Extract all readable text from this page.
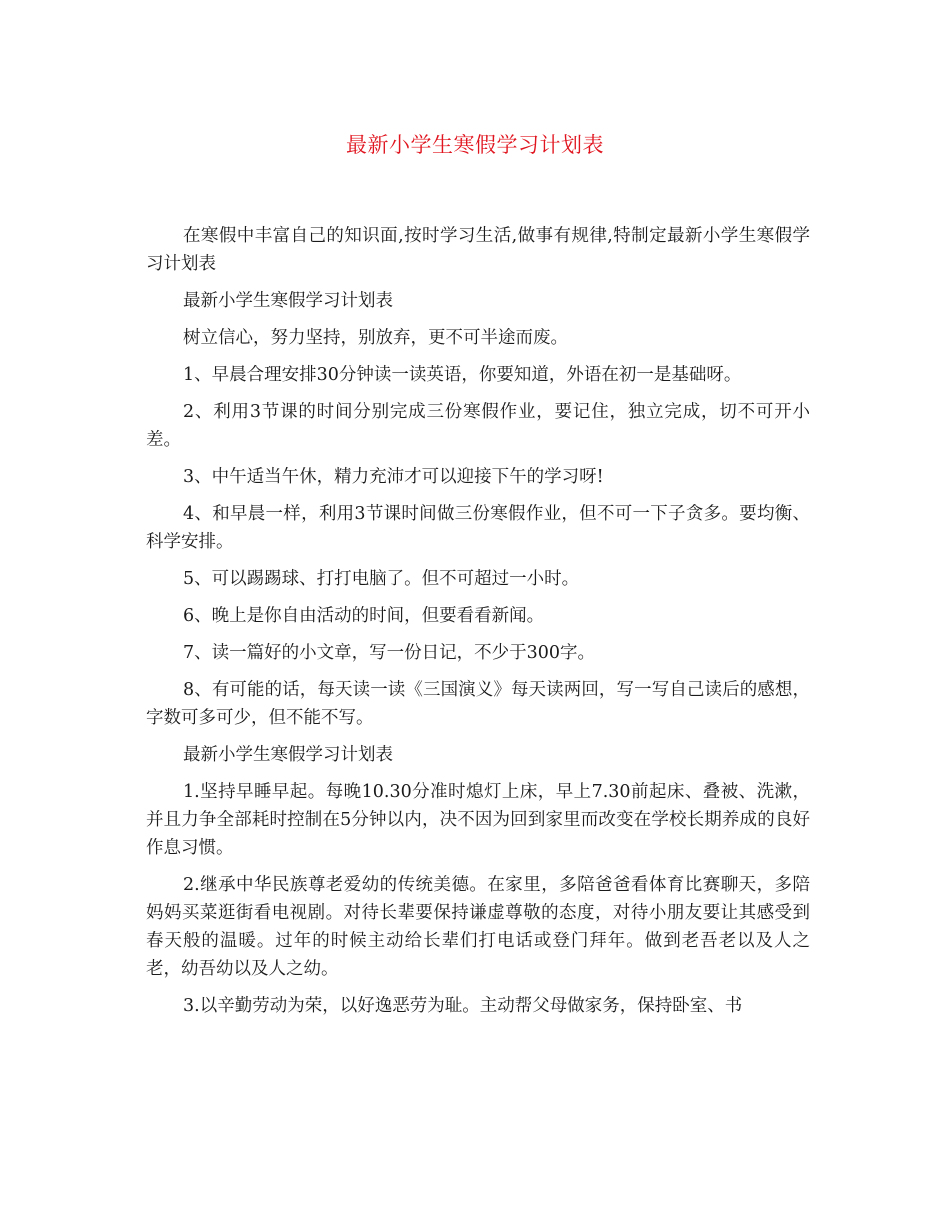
最新小学生寒假学习计划表

在寒假中丰富自己的知识面,按时学习生活,做事有规律,特制定最新小学生寒假学习计划表

最新小学生寒假学习计划表

树立信心，努力坚持，别放弃，更不可半途而废。

1、早晨合理安排30分钟读一读英语，你要知道，外语在初一是基础呀。

2、利用3节课的时间分别完成三份寒假作业，要记住，独立完成，切不可开小差。

3、中午适当午休，精力充沛才可以迎接下午的学习呀!

4、和早晨一样，利用3节课时间做三份寒假作业，但不可一下子贪多。要均衡、科学安排。

5、可以踢踢球、打打电脑了。但不可超过一小时。

6、晚上是你自由活动的时间，但要看看新闻。

7、读一篇好的小文章，写一份日记，不少于300字。

8、有可能的话，每天读一读《三国演义》每天读两回，写一写自己读后的感想，字数可多可少，但不能不写。

最新小学生寒假学习计划表

1.坚持早睡早起。每晚10.30分准时熄灯上床，早上7.30前起床、叠被、洗漱，并且力争全部耗时控制在5分钟以内，决不因为回到家里而改变在学校长期养成的良好作息习惯。

2.继承中华民族尊老爱幼的传统美德。在家里，多陪爸爸看体育比赛聊天，多陪妈妈买菜逛街看电视剧。对待长辈要保持谦虚尊敬的态度，对待小朋友要让其感受到春天般的温暖。过年的时候主动给长辈们打电话或登门拜年。做到老吾老以及人之老，幼吾幼以及人之幼。

3.以辛勤劳动为荣，以好逸恶劳为耻。主动帮父母做家务，保持卧室、书
